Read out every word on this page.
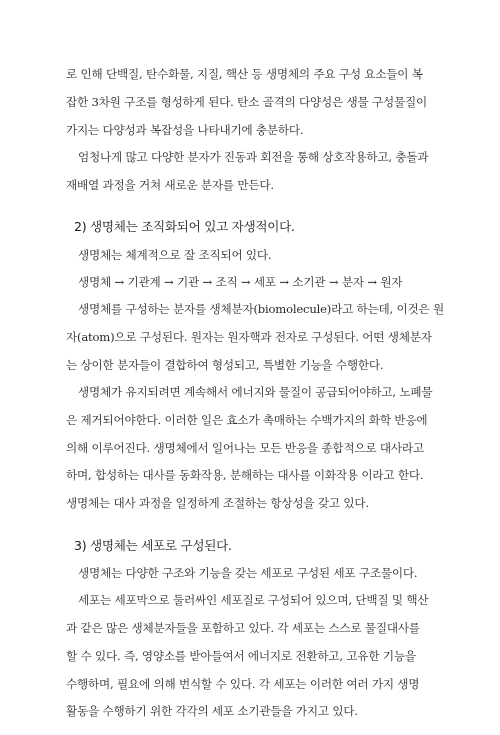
로 인해 단백질, 탄수화물, 지질, 핵산 등 생명체의 주요 구성 요소들이 복
잡한 3차원 구조를 형성하게 된다. 탄소 골격의 다양성은 생물 구성물질이
가지는 다양성과 복잡성을 나타내기에 충분하다.
엄청나게 많고 다양한 분자가 진동과 회전을 통해 상호작용하고, 충돌과
재배열 과정을 거쳐 새로운 분자를 만든다.
2) 생명체는 조직화되어 있고 자생적이다.
생명체는 체계적으로 잘 조직되어 있다.
생명체 → 기관계 → 기관 → 조직 → 세포 → 소기관 → 분자 → 원자
생명체를 구성하는 분자를 생체분자(biomolecule)라고 하는데, 이것은 원
자(atom)으로 구성된다. 원자는 원자핵과 전자로 구성된다. 어떤 생체분자
는 상이한 분자들이 결합하여 형성되고, 특별한 기능을 수행한다.
생명체가 유지되려면 계속해서 에너지와 물질이 공급되어야하고, 노폐물
은 제거되어야한다. 이러한 일은 효소가 촉매하는 수백가지의 화학 반응에
의해 이루어진다. 생명체에서 일어나는 모든 반응을 종합적으로 대사라고
하며, 합성하는 대사를 동화작용, 분해하는 대사를 이화작용 이라고 한다.
생명체는 대사 과정을 일정하게 조절하는 항상성을 갖고 있다.
3) 생명체는 세포로 구성된다.
생명체는 다양한 구조와 기능을 갖는 세포로 구성된 세포 구조물이다.
세포는 세포막으로 둘러싸인 세포질로 구성되어 있으며, 단백질 및 핵산
과 같은 많은 생체분자들을 포함하고 있다. 각 세포는 스스로 물질대사를
할 수 있다. 즉, 영양소를 받아들여서 에너지로 전환하고, 고유한 기능을
수행하며, 필요에 의해 번식할 수 있다. 각 세포는 이러한 여러 가지 생명
활동을 수행하기 위한 각각의 세포 소기관들을 가지고 있다.
